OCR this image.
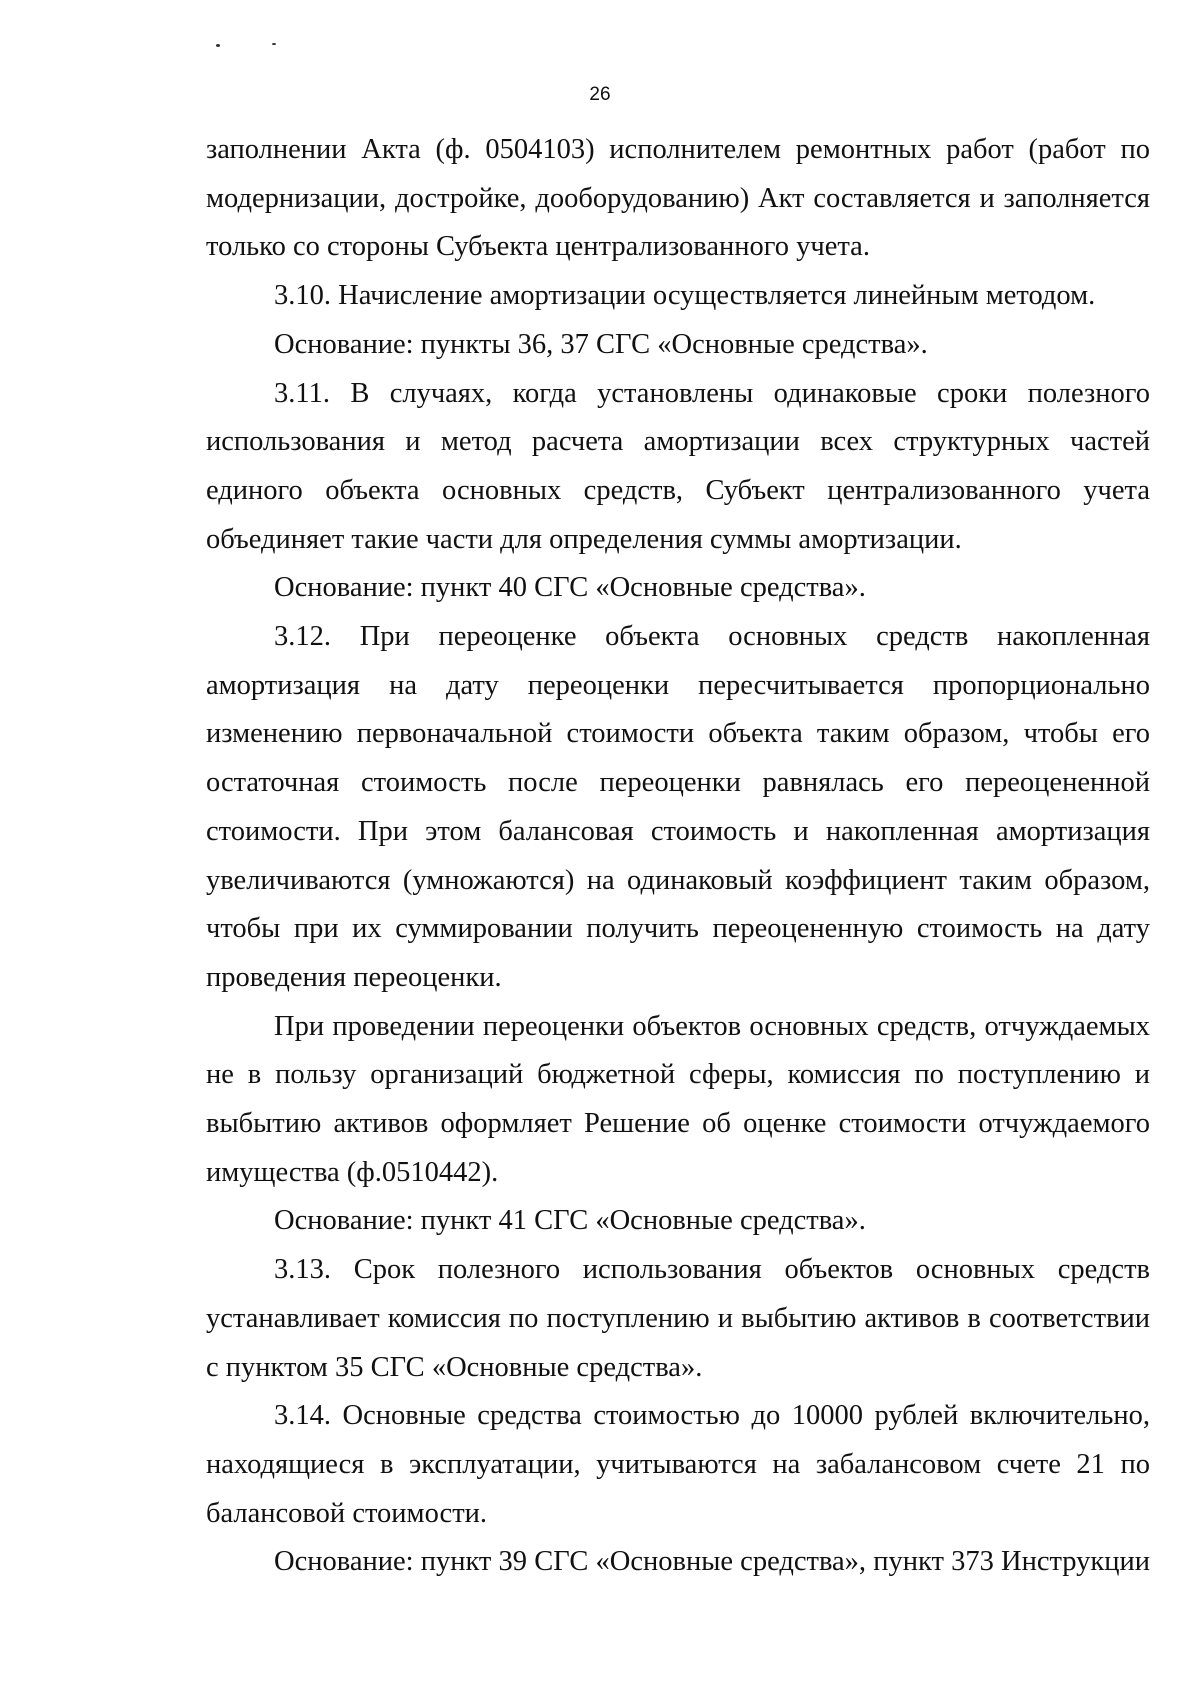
26

заполнении Акта (ф. 0504103) исполнителем ремонтных работ (работ по модернизации, достройке, дооборудованию) Акт составляется и заполняется только со стороны Субъекта централизованного учета.

3.10. Начисление амортизации осуществляется линейным методом.

Основание: пункты 36, 37 СГС «Основные средства».

3.11. В случаях, когда установлены одинаковые сроки полезного использования и метод расчета амортизации всех структурных частей единого объекта основных средств, Субъект централизованного учета объединяет такие части для определения суммы амортизации.

Основание: пункт 40 СГС «Основные средства».

3.12. При переоценке объекта основных средств накопленная амортизация на дату переоценки пересчитывается пропорционально изменению первоначальной стоимости объекта таким образом, чтобы его остаточная стоимость после переоценки равнялась его переоцененной стоимости. При этом балансовая стоимость и накопленная амортизация увеличиваются (умножаются) на одинаковый коэффициент таким образом, чтобы при их суммировании получить переоцененную стоимость на дату проведения переоценки.

При проведении переоценки объектов основных средств, отчуждаемых не в пользу организаций бюджетной сферы, комиссия по поступлению и выбытию активов оформляет Решение об оценке стоимости отчуждаемого имущества (ф.0510442).

Основание: пункт 41 СГС «Основные средства».

3.13. Срок полезного использования объектов основных средств устанавливает комиссия по поступлению и выбытию активов в соответствии с пунктом 35 СГС «Основные средства».

3.14. Основные средства стоимостью до 10000 рублей включительно, находящиеся в эксплуатации, учитываются на забалансовом счете 21 по балансовой стоимости.

Основание: пункт 39 СГС «Основные средства», пункт 373 Инструкции
